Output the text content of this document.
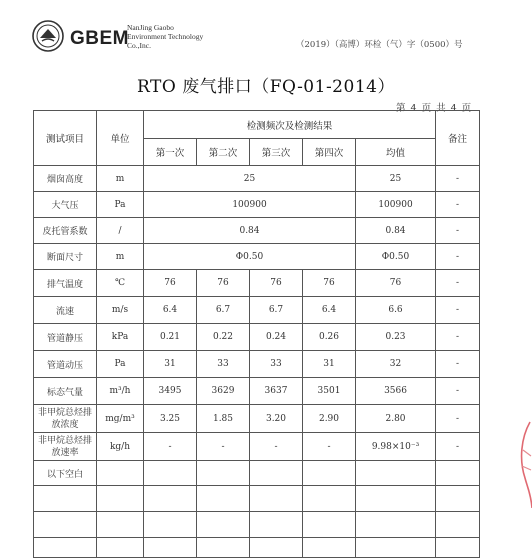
GBEM
NanJing Gaobo
Environment Technology
Co.,Inc.	（2019）（高博）环检（气）字（0500）号
RTO 废气排口（FQ-01-2014）
第 4 页 共 4 页
测试项目	单位	检测频次及检测结果					备注
		第一次	第二次	第三次	第四次	均值	
烟囱高度	m	25				25	-
大气压	Pa	100900				100900	-
皮托管系数	/	0.84				0.84	-
断面尺寸	m	Φ0.50				Φ0.50	-
排气温度	℃	76	76	76	76	76	-
流速	m/s	6.4	6.7	6.7	6.4	6.6	-
管道静压	kPa	0.21	0.22	0.24	0.26	0.23	-
管道动压	Pa	31	33	33	31	32	-
标态气量	m³/h	3495	3629	3637	3501	3566	-
非甲烷总烃排放浓度	mg/m³	3.25	1.85	3.20	2.90	2.80	-
非甲烷总烃排放速率	kg/h	-	-	-	-	9.98×10⁻³	-
以下空白							
